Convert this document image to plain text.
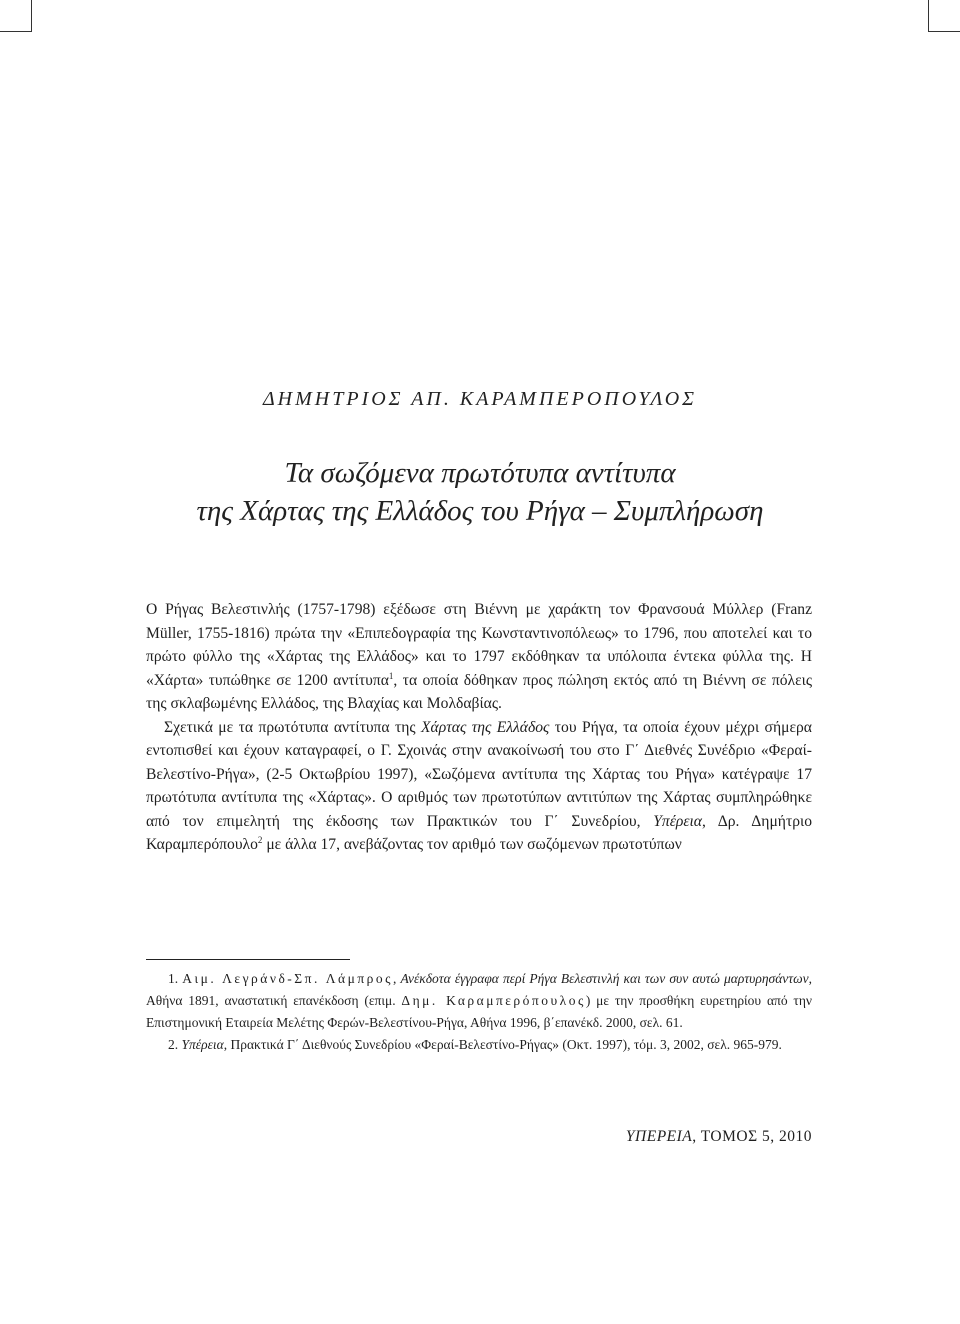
ΔΗΜΗΤΡΙΟΣ ΑΠ. ΚΑΡΑΜΠΕΡΟΠΟΥΛΟΣ
Τα σωζόμενα πρωτότυπα αντίτυπα
της Χάρτας της Ελλάδος του Ρήγα – Συμπλήρωση

Ο Ρήγας Βελεστινλής (1757-1798) εξέδωσε στη Βιέννη με χαράκτη τον Φρανσουά Μύλλερ (Franz Müller, 1755-1816) πρώτα την «Επιπεδογραφία της Κωνσταντινοπόλεως» το 1796, που αποτελεί και το πρώτο φύλλο της «Χάρτας της Ελλάδος» και το 1797 εκδόθηκαν τα υπόλοιπα έντεκα φύλλα της. Η «Χάρτα» τυπώθηκε σε 1200 αντίτυπα$^1$, τα οποία δόθηκαν προς πώληση εκτός από τη Βιέννη σε πόλεις της σκλαβωμένης Ελλάδος, της Βλαχίας και Μολδαβίας.

Σχετικά με τα πρωτότυπα αντίτυπα της Χάρτας της Ελλάδος του Ρήγα, τα οποία έχουν μέχρι σήμερα εντοπισθεί και έχουν καταγραφεί, ο Γ. Σχοινάς στην ανακοίνωσή του στο Γ΄ Διεθνές Συνέδριο «Φεραί-Βελεστίνο-Ρήγα», (2-5 Οκτωβρίου 1997), «Σωζόμενα αντίτυπα της Χάρτας του Ρήγα» κατέγραψε 17 πρωτότυπα αντίτυπα της «Χάρτας». Ο αριθμός των πρωτοτύπων αντιτύπων της Χάρτας συμπληρώθηκε από τον επιμελητή της έκδοσης των Πρακτικών του Γ΄ Συνεδρίου, Υπέρεια, Δρ. Δημήτριο Καραμπερόπουλο$^2$ με άλλα 17, ανεβάζοντας τον αριθμό των σωζόμενων πρωτοτύπων

1. Αιμ. Λεγράνδ-Σπ. Λάμπρος, Ανέκδοτα έγγραφα περί Ρήγα Βελεστινλή και των συν αυτώ μαρτυρησάντων, Αθήνα 1891, αναστατική επανέκδοση (επιμ. Δημ. Καραμπερόπουλος) με την προσθήκη ευρετηρίου από την Επιστημονική Εταιρεία Μελέτης Φερών-Βελεστίνου-Ρήγα, Αθήνα 1996, β΄επανέκδ. 2000, σελ. 61.

2. Υπέρεια, Πρακτικά Γ΄ Διεθνούς Συνεδρίου «Φεραί-Βελεστίνο-Ρήγας» (Οκτ. 1997), τόμ. 3, 2002, σελ. 965-979.

ΥΠΕΡΕΙΑ, ΤΟΜΟΣ 5, 2010
